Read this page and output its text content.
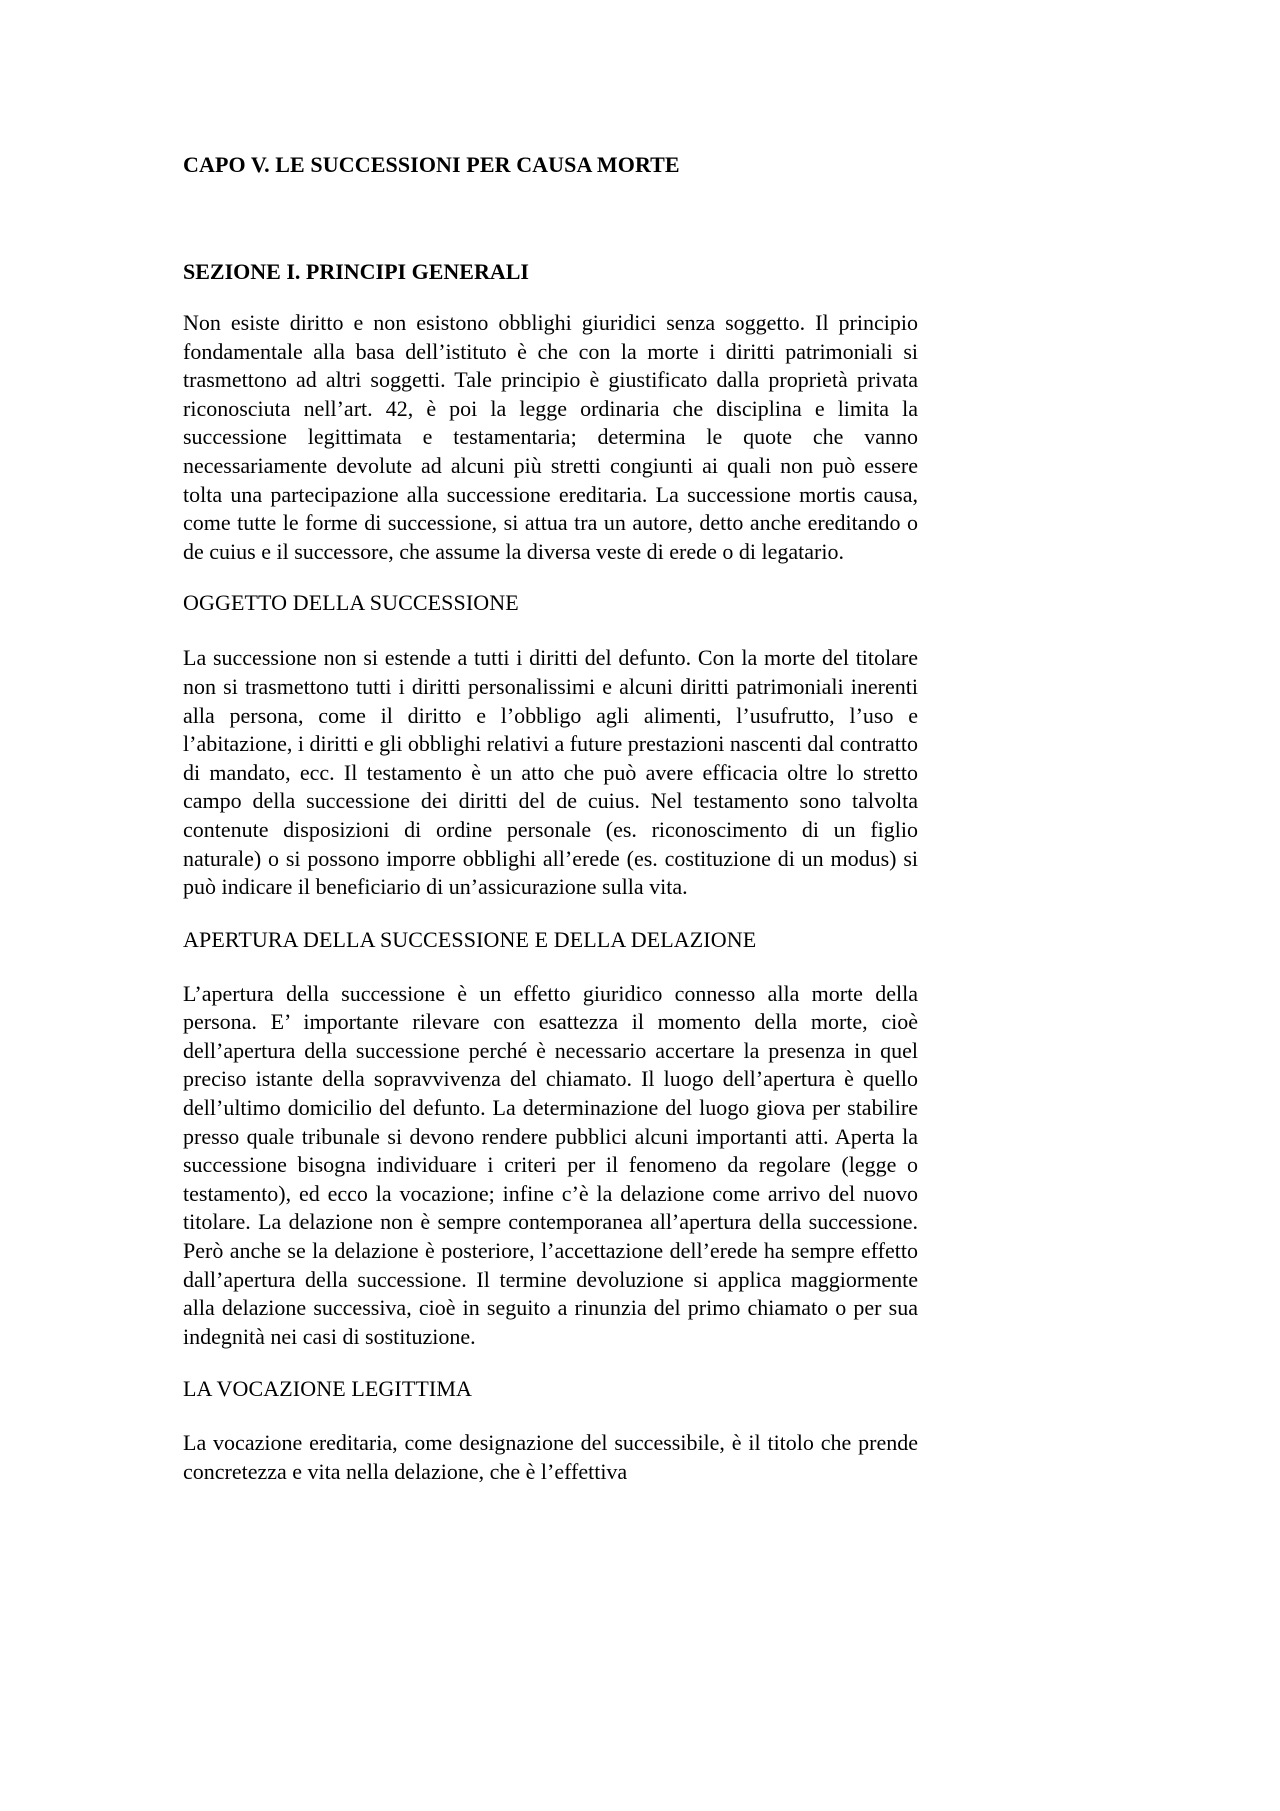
CAPO V. LE SUCCESSIONI PER CAUSA MORTE
SEZIONE I. PRINCIPI GENERALI

Non esiste diritto e non esistono obblighi giuridici senza soggetto. Il principio fondamentale alla basa dell’istituto è che con la morte i diritti patrimoniali si trasmettono ad altri soggetti. Tale principio è giustificato dalla proprietà privata riconosciuta nell’art. 42, è poi la legge ordinaria che disciplina e limita la successione legittimata e testamentaria; determina le quote che vanno necessariamente devolute ad alcuni più stretti congiunti ai quali non può essere tolta una partecipazione alla successione ereditaria. La successione mortis causa, come tutte le forme di successione, si attua tra un autore, detto anche ereditando o de cuius e il successore, che assume la diversa veste di erede o di legatario.

OGGETTO DELLA SUCCESSIONE

La successione non si estende a tutti i diritti del defunto. Con la morte del titolare non si trasmettono tutti i diritti personalissimi e alcuni diritti patrimoniali inerenti alla persona, come il diritto e l’obbligo agli alimenti, l’usufrutto, l’uso e l’abitazione, i diritti e gli obblighi relativi a future prestazioni nascenti dal contratto di mandato, ecc. Il testamento è un atto che può avere efficacia oltre lo stretto campo della successione dei diritti del de cuius. Nel testamento sono talvolta contenute disposizioni di ordine personale (es. riconoscimento di un figlio naturale) o si possono imporre obblighi all’erede (es. costituzione di un modus) si può indicare il beneficiario di un’assicurazione sulla vita.

APERTURA DELLA SUCCESSIONE E DELLA DELAZIONE

L’apertura della successione è un effetto giuridico connesso alla morte della persona. E’ importante rilevare con esattezza il momento della morte, cioè dell’apertura della successione perché è necessario accertare la presenza in quel preciso istante della sopravvivenza del chiamato. Il luogo dell’apertura è quello dell’ultimo domicilio del defunto. La determinazione del luogo giova per stabilire presso quale tribunale si devono rendere pubblici alcuni importanti atti. Aperta la successione bisogna individuare i criteri per il fenomeno da regolare (legge o testamento), ed ecco la vocazione; infine c’è la delazione come arrivo del nuovo titolare. La delazione non è sempre contemporanea all’apertura della successione. Però anche se la delazione è posteriore, l’accettazione dell’erede ha sempre effetto dall’apertura della successione. Il termine devoluzione si applica maggiormente alla delazione successiva, cioè in seguito a rinunzia del primo chiamato o per sua indegnità nei casi di sostituzione.

LA VOCAZIONE LEGITTIMA

La vocazione ereditaria, come designazione del successibile, è il titolo che prende concretezza e vita nella delazione, che è l’effettiva
